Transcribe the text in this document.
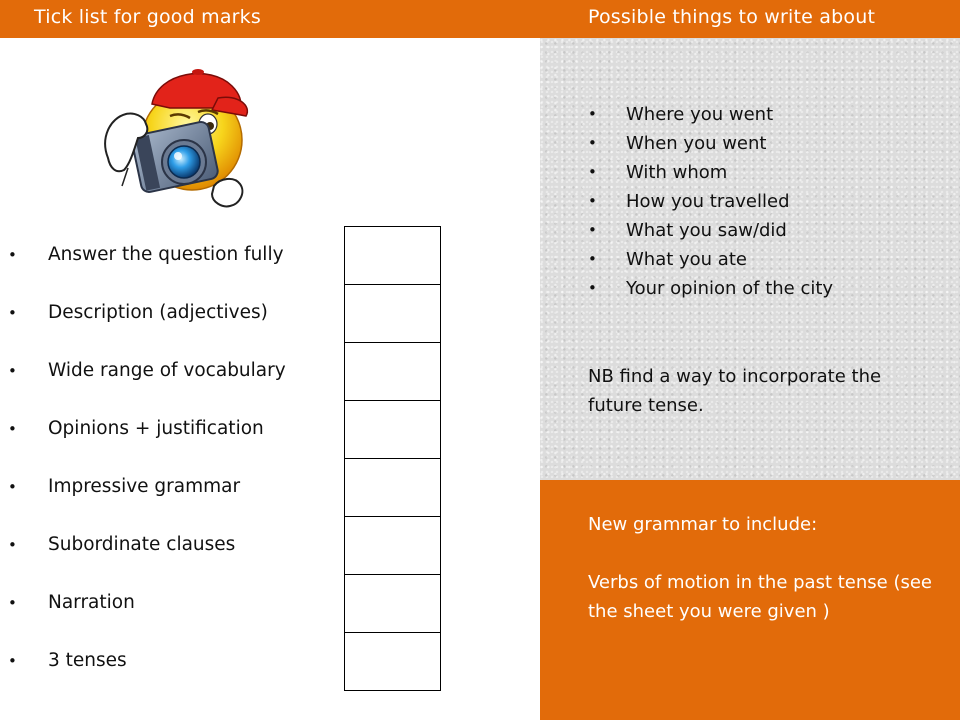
Tick list for good marks	Possible things to write about
• Where you went
• When you went
• With whom
• How you travelled
• What you saw/did
• What you ate
• Your opinion of the city
NB find a way to incorporate the future tense.
New grammar to include:
Verbs of motion in the past tense (see the sheet you were given )
• Answer the question fully
• Description (adjectives)
• Wide range of vocabulary
• Opinions + justification
• Impressive grammar
• Subordinate clauses
• Narration
• 3 tenses
